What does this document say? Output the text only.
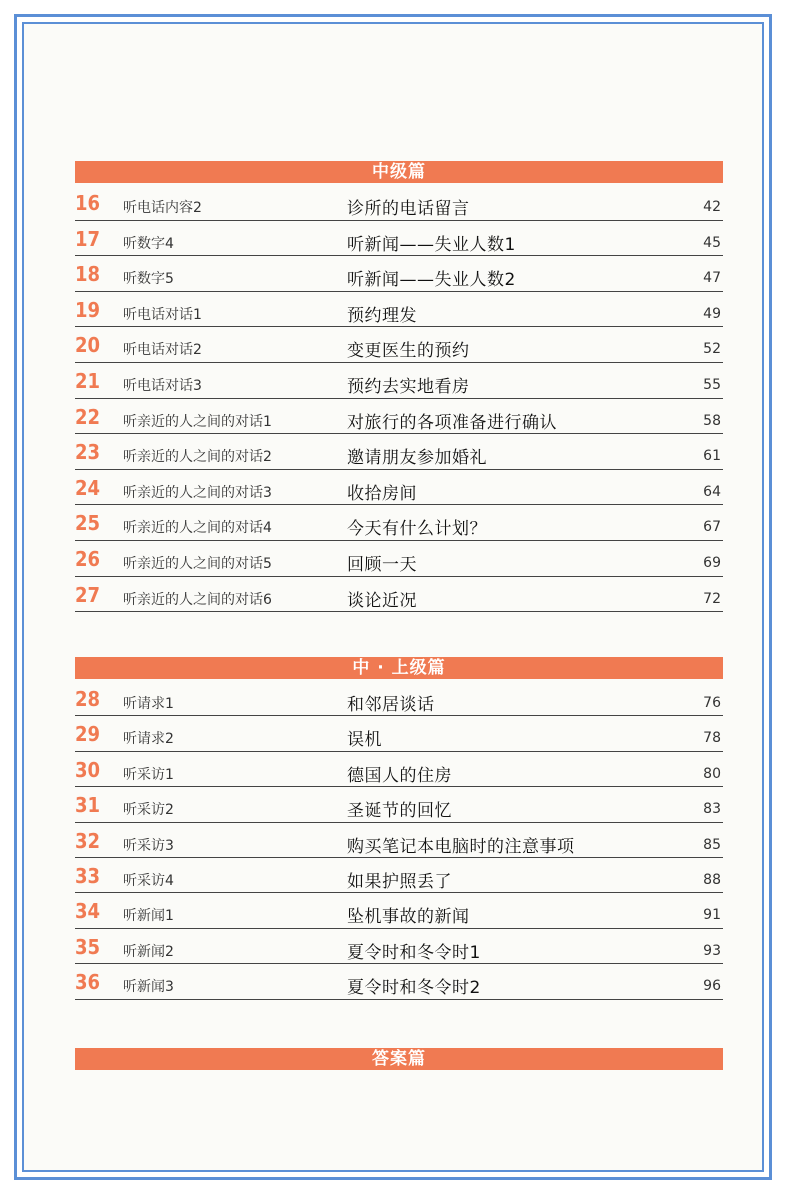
中级篇
16 听电话内容2	诊所的电话留言	42
17 听数字4	听新闻——失业人数1	45
18 听数字5	听新闻——失业人数2	47
19 听电话对话1	预约理发	49
20 听电话对话2	变更医生的预约	52
21 听电话对话3	预约去实地看房	55
22 听亲近的人之间的对话1	对旅行的各项准备进行确认	58
23 听亲近的人之间的对话2	邀请朋友参加婚礼	61
24 听亲近的人之间的对话3	收拾房间	64
25 听亲近的人之间的对话4	今天有什么计划？	67
26 听亲近的人之间的对话5	回顾一天	69
27 听亲近的人之间的对话6	谈论近况	72
中 · 上级篇
28 听请求1	和邻居谈话	76
29 听请求2	误机	78
30 听采访1	德国人的住房	80
31 听采访2	圣诞节的回忆	83
32 听采访3	购买笔记本电脑时的注意事项	85
33 听采访4	如果护照丢了	88
34 听新闻1	坠机事故的新闻	91
35 听新闻2	夏令时和冬令时1	93
36 听新闻3	夏令时和冬令时2	96
答案篇
